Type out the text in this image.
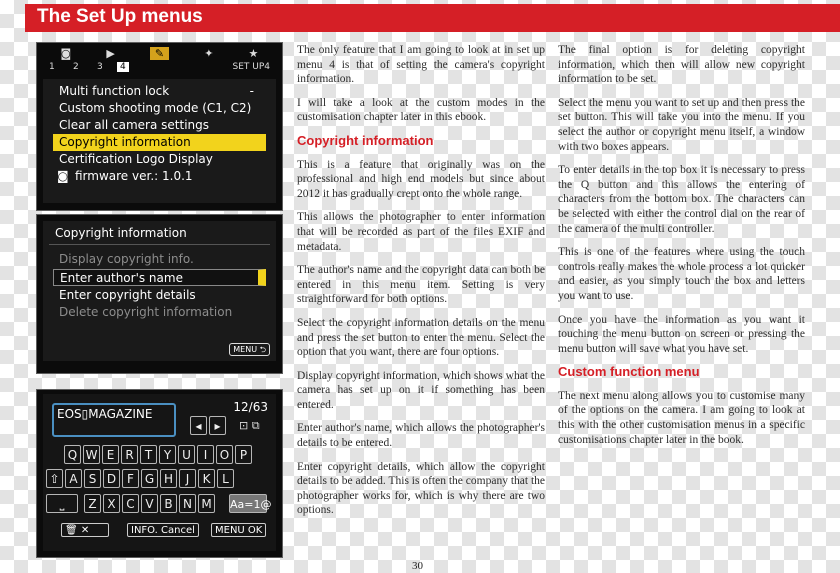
The Set Up menus
◙	▶	✎	✦	★
1 2 3	4	SET UP4
Multi function lock	-
Custom shooting mode (C1, C2)
Clear all camera settings
Copyright information
Certification Logo Display
◙ firmware ver.: 1.0.1
Copyright information
Display copyright info.
Enter author's name
Enter copyright details
Delete copyright information
MENU ⮌
EOS▯MAGAZINE	12/63
◂	▸	⊡ ⧉
Q W E R T Y U	I	O P
⇧ A S D F G H	J	K L
⎵	Z X C V B N M	Aa=1@
🗑 ✕	INFO. Cancel	MENU OK

The only feature that I am going to look at in set up menu 4 is that of setting the camera's copyright information.

I will take a look at the custom modes in the customisation chapter later in this ebook.

Copyright information

This is a feature that originally was on the professional and high end models but since about 2012 it has gradually crept onto the whole range.

This allows the photographer to enter information that will be recorded as part of the files EXIF and metadata.

The author's name and the copyright data can both be entered in this menu item. Setting is very straightforward for both options.

Select the copyright information details on the menu and press the set button to enter the menu. Select the option that you want, there are four options.

Display copyright information, which shows what the camera has set up on it if something has been entered.

Enter author's name, which allows the photographer's details to be entered.

Enter copyright details, which allow the copyright details to be added. This is often the company that the photographer works for, which is why there are two options.

The final option is for deleting copyright information, which then will allow new copyright information to be set.

Select the menu you want to set up and then press the set button. This will take you into the menu. If you select the author or copyright menu itself, a window with two boxes appears.

To enter details in the top box it is necessary to press the Q button and this allows the entering of characters from the bottom box. The characters can be selected with either the control dial on the rear of the camera of the multi controller.

This is one of the features where using the touch controls really makes the whole process a lot quicker and easier, as you simply touch the box and letters you want to use.

Once you have the information as you want it touching the menu button on screen or pressing the menu button will save what you have set.

Custom function menu

The next menu along allows you to customise many of the options on the camera. I am going to look at this with the other customisation menus in a specific customisations chapter later in the book.

30
